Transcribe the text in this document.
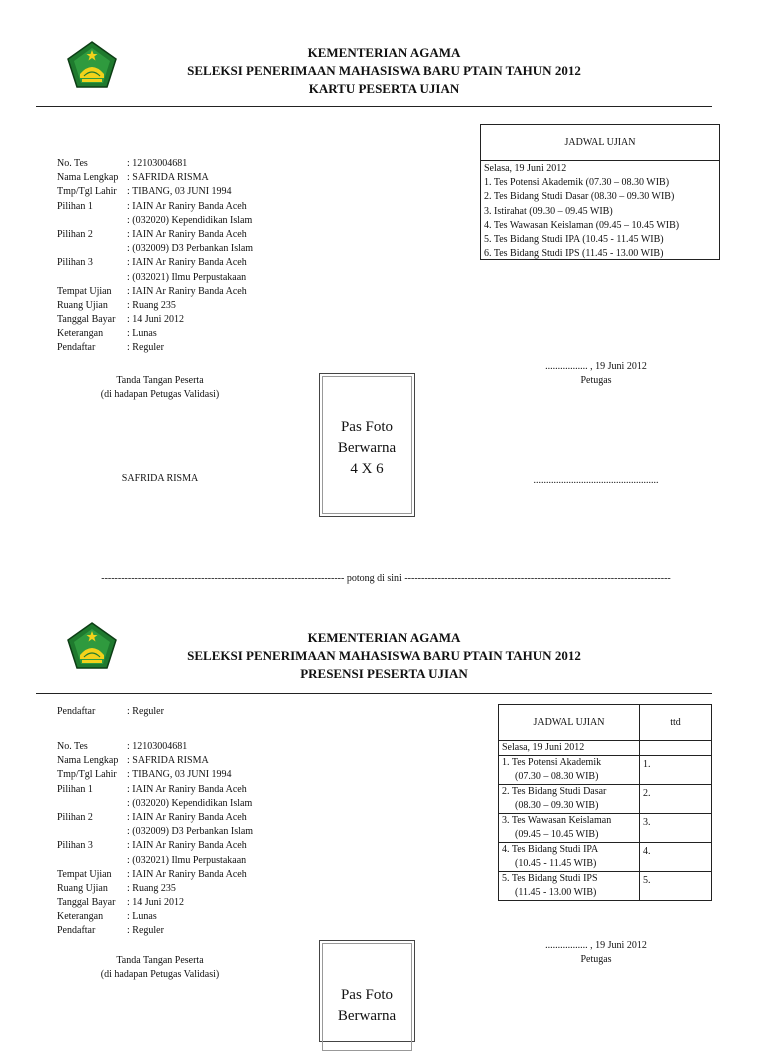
KEMENTERIAN AGAMA
SELEKSI PENERIMAAN MAHASISWA BARU PTAIN TAHUN 2012
KARTU PESERTA UJIAN
No. Tes	: 12103004681
Nama Lengkap : SAFRIDA RISMA
Tmp/Tgl Lahir : TIBANG, 03 JUNI 1994
Pilihan 1	: IAIN Ar Raniry Banda Aceh
: (032020) Kependidikan Islam
Pilihan 2	: IAIN Ar Raniry Banda Aceh
: (032009) D3 Perbankan Islam
Pilihan 3	: IAIN Ar Raniry Banda Aceh
: (032021) Ilmu Perpustakaan
Tempat Ujian : IAIN Ar Raniry Banda Aceh
Ruang Ujian : Ruang 235
Tanggal Bayar : 14 Juni 2012
Keterangan : Lunas
Pendaftar	: Reguler
JADWAL UJIAN
Selasa, 19 Juni 2012
1. Tes Potensi Akademik (07.30 – 08.30 WIB)
2. Tes Bidang Studi Dasar (08.30 – 09.30 WIB)
3. Istirahat (09.30 – 09.45 WIB)
4. Tes Wawasan Keislaman (09.45 – 10.45 WIB)
5. Tes Bidang Studi IPA (10.45 - 11.45 WIB)
6. Tes Bidang Studi IPS (11.45 - 13.00 WIB)
Tanda Tangan Peserta
(di hadapan Petugas Validasi)
SAFRIDA RISMA
Pas Foto
Berwarna
4 X 6
................. , 19 Juni 2012
Petugas
..................................................
------------------------------------------------------------------------- potong di sini --------------------------------------------------------------------------------
KEMENTERIAN AGAMA
SELEKSI PENERIMAAN MAHASISWA BARU PTAIN TAHUN 2012
PRESENSI PESERTA UJIAN
Pendaftar	: Reguler
No. Tes	: 12103004681
Nama Lengkap : SAFRIDA RISMA
Tmp/Tgl Lahir : TIBANG, 03 JUNI 1994
Pilihan 1	: IAIN Ar Raniry Banda Aceh
: (032020) Kependidikan Islam
Pilihan 2	: IAIN Ar Raniry Banda Aceh
: (032009) D3 Perbankan Islam
Pilihan 3	: IAIN Ar Raniry Banda Aceh
: (032021) Ilmu Perpustakaan
Tempat Ujian : IAIN Ar Raniry Banda Aceh
Ruang Ujian : Ruang 235
Tanggal Bayar : 14 Juni 2012
Keterangan : Lunas
Pendaftar	: Reguler
JADWAL UJIAN	ttd
Selasa, 19 Juni 2012	

1. Tes Potensi Akademik
(07.30 – 08.30 WIB)	1.

2. Tes Bidang Studi Dasar
(08.30 – 09.30 WIB)	2.

3. Tes Wawasan Keislaman
(09.45 – 10.45 WIB)	3.

4. Tes Bidang Studi IPA
(10.45 - 11.45 WIB)	4.

5. Tes Bidang Studi IPS
(11.45 - 13.00 WIB)	5.
Tanda Tangan Peserta
(di hadapan Petugas Validasi)
Pas Foto
Berwarna
................. , 19 Juni 2012
Petugas
